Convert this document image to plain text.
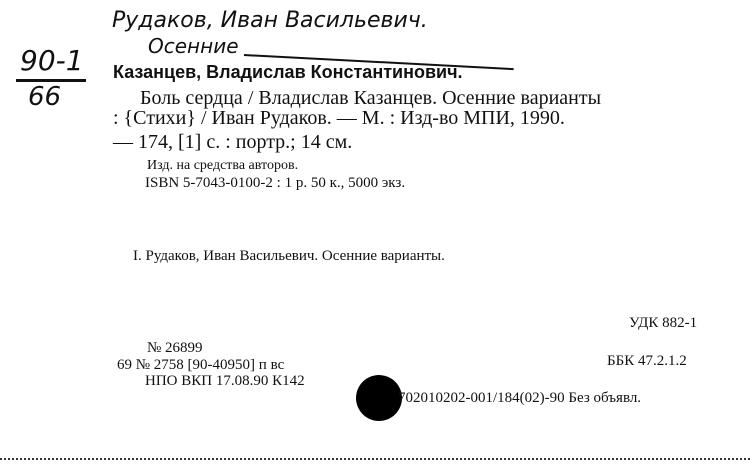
Рудаков, Иван Васильевич.
Осенние
90-1
66
Казанцев, Владислав Константинович.
Боль сердца / Владислав Казанцев. Осенние варианты
: {Стихи} / Иван Рудаков. — М. : Изд-во МПИ, 1990.
— 174, [1] с. : портр.; 14 см.
Изд. на средства авторов.
ISBN 5-7043-0100-2 : 1 р. 50 к., 5000 экз.
I. Рудаков, Иван Васильевич. Осенние варианты.
УДК 882-1
ББК 47.2.1.2
№ 26899
69 № 2758 [90-40950] п вс
НПО ВКП 17.08.90 К142
702010202-001/184(02)-90 Без объявл.
